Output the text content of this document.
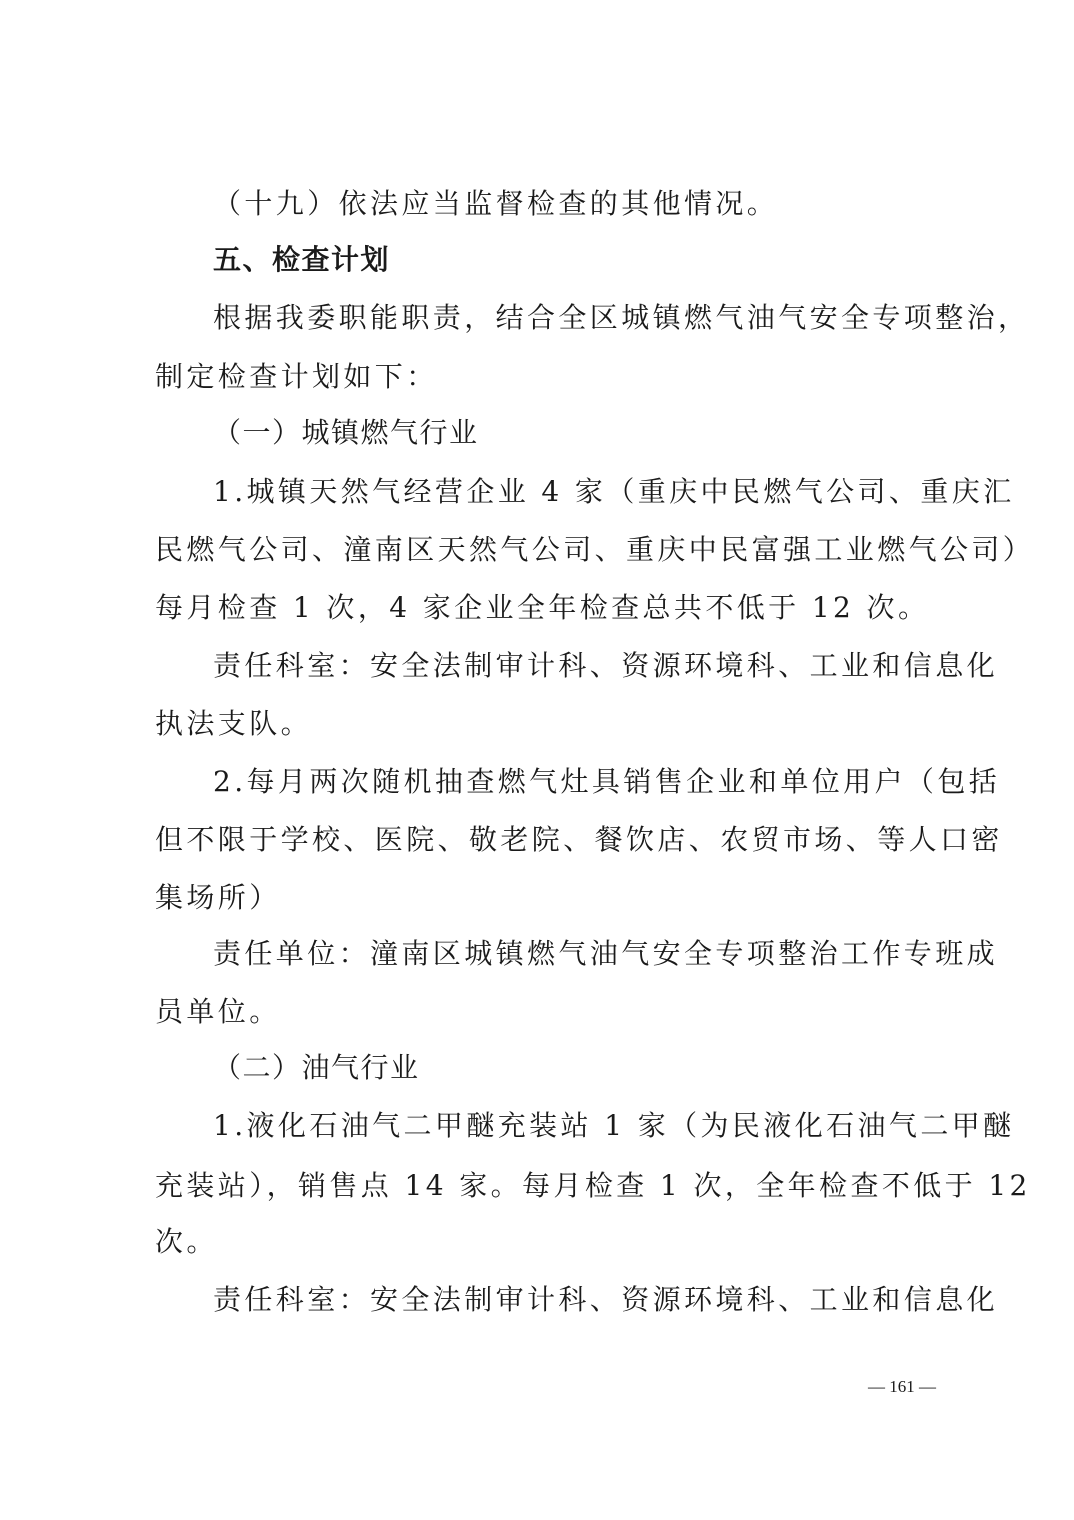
（十九）依法应当监督检查的其他情况。
五、检查计划
根据我委职能职责，结合全区城镇燃气油气安全专项整治，
制定检查计划如下：
（一）城镇燃气行业
1.城镇天然气经营企业 4 家（重庆中民燃气公司、重庆汇
民燃气公司、潼南区天然气公司、重庆中民富强工业燃气公司）
每月检查 1 次，4 家企业全年检查总共不低于 12 次。
责任科室：安全法制审计科、资源环境科、工业和信息化
执法支队。
2.每月两次随机抽查燃气灶具销售企业和单位用户（包括
但不限于学校、医院、敬老院、餐饮店、农贸市场、等人口密
集场所）
责任单位：潼南区城镇燃气油气安全专项整治工作专班成
员单位。
（二）油气行业
1.液化石油气二甲醚充装站 1 家（为民液化石油气二甲醚
充装站），销售点 14 家。每月检查 1 次，全年检查不低于 12
次。
责任科室：安全法制审计科、资源环境科、工业和信息化
— 161 —
